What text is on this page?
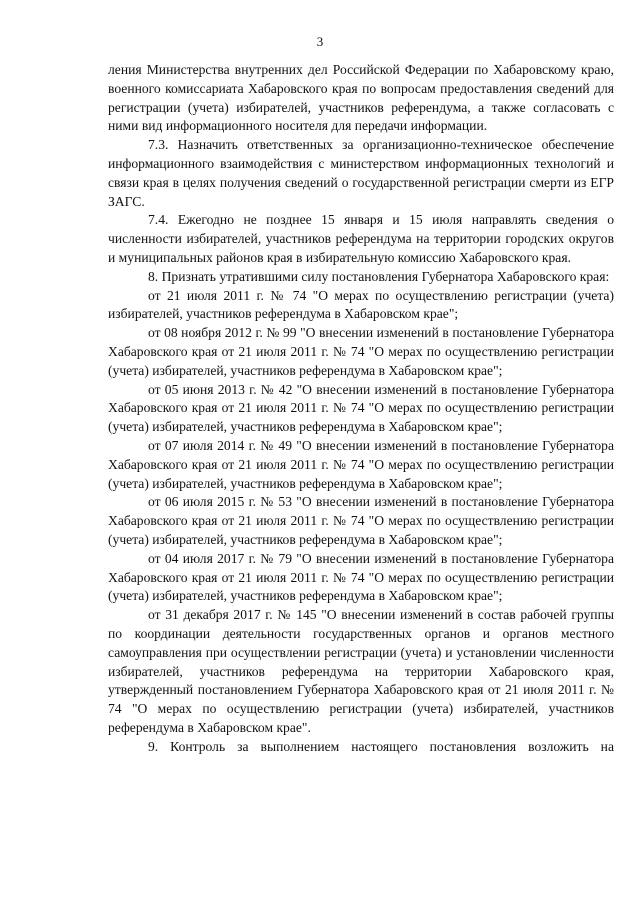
3

ления Министерства внутренних дел Российской Федерации по Хабаровскому краю, военного комиссариата Хабаровского края по вопросам предоставления сведений для регистрации (учета) избирателей, участников референдума, а также согласовать с ними вид информационного носителя для передачи информации.

7.3. Назначить ответственных за организационно-техническое обеспечение информационного взаимодействия с министерством информационных технологий и связи края в целях получения сведений о государственной регистрации смерти из ЕГР ЗАГС.

7.4. Ежегодно не позднее 15 января и 15 июля направлять сведения о численности избирателей, участников референдума на территории городских округов и муниципальных районов края в избирательную комиссию Хабаровского края.

8. Признать утратившими силу постановления Губернатора Хабаровского края:

от 21 июля 2011 г. № 74 "О мерах по осуществлению регистрации (учета) избирателей, участников референдума в Хабаровском крае";

от 08 ноября 2012 г. № 99 "О внесении изменений в постановление Губернатора Хабаровского края от 21 июля 2011 г. № 74 "О мерах по осуществлению регистрации (учета) избирателей, участников референдума в Хабаровском крае";

от 05 июня 2013 г. № 42 "О внесении изменений в постановление Губернатора Хабаровского края от 21 июля 2011 г. № 74 "О мерах по осуществлению регистрации (учета) избирателей, участников референдума в Хабаровском крае";

от 07 июля 2014 г. № 49 "О внесении изменений в постановление Губернатора Хабаровского края от 21 июля 2011 г. № 74 "О мерах по осуществлению регистрации (учета) избирателей, участников референдума в Хабаровском крае";

от 06 июля 2015 г. № 53 "О внесении изменений в постановление Губернатора Хабаровского края от 21 июля 2011 г. № 74 "О мерах по осуществлению регистрации (учета) избирателей, участников референдума в Хабаровском крае";

от 04 июля 2017 г. № 79 "О внесении изменений в постановление Губернатора Хабаровского края от 21 июля 2011 г. № 74 "О мерах по осуществлению регистрации (учета) избирателей, участников референдума в Хабаровском крае";

от 31 декабря 2017 г. № 145 "О внесении изменений в состав рабочей группы по координации деятельности государственных органов и органов местного самоуправления при осуществлении регистрации (учета) и установлении численности избирателей, участников референдума на территории Хабаровского края, утвержденный постановлением Губернатора Хабаровского края от 21 июля 2011 г. № 74 "О мерах по осуществлению регистрации (учета) избирателей, участников референдума в Хабаровском крае".

9. Контроль за выполнением настоящего постановления возложить на
